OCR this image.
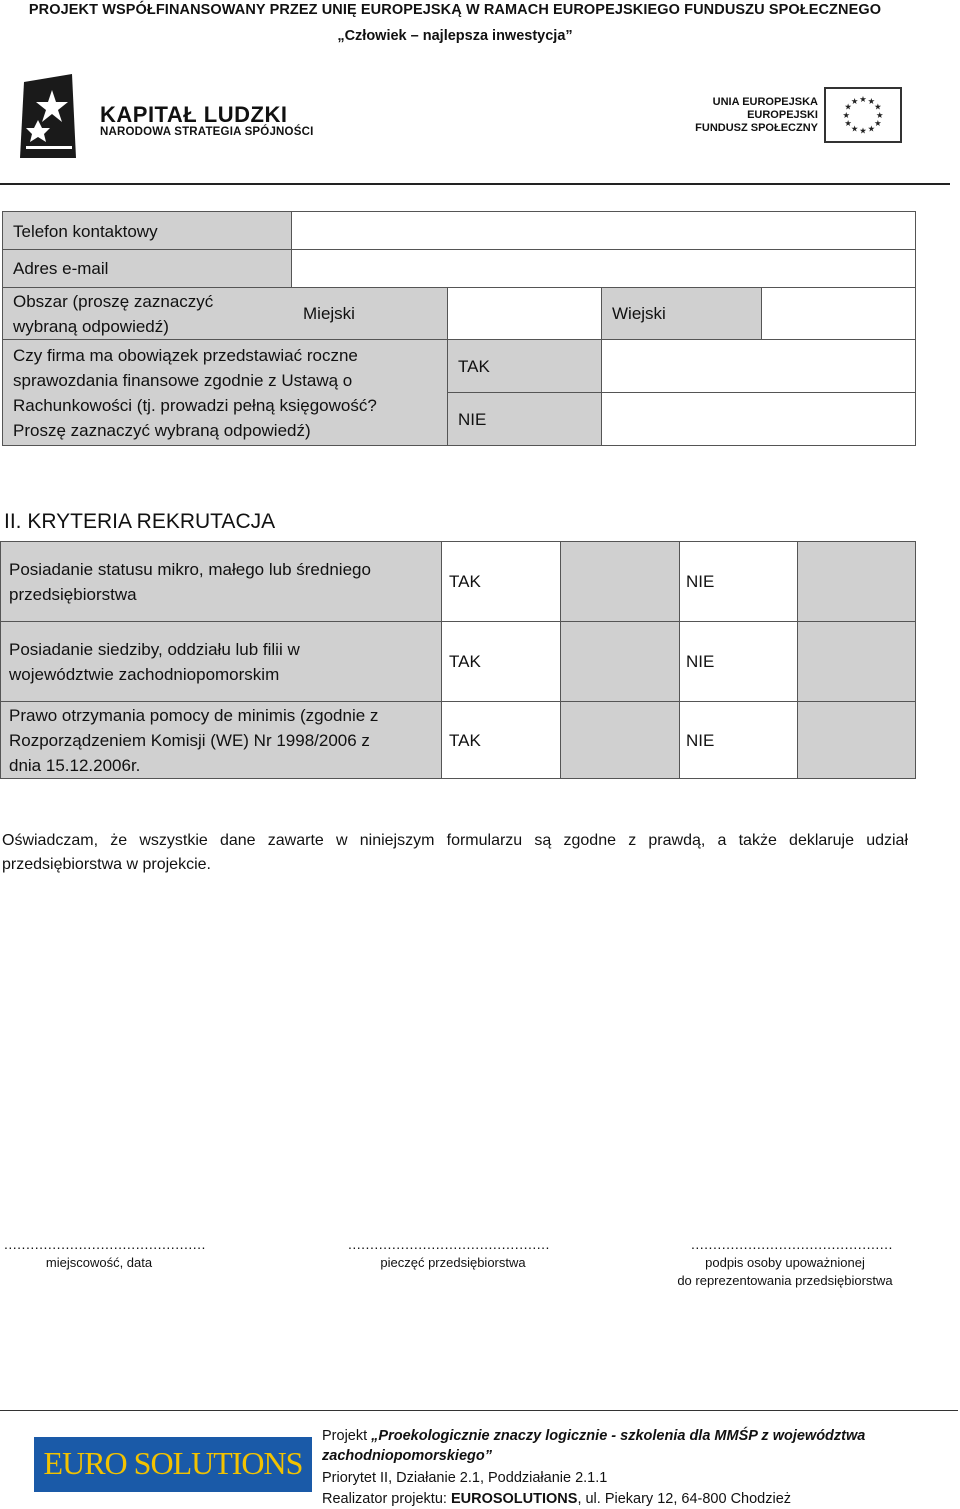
PROJEKT WSPÓŁFINANSOWANY PRZEZ UNIĘ EUROPEJSKĄ W RAMACH EUROPEJSKIEGO FUNDUSZU SPOŁECZNEGO
„Człowiek – najlepsza inwestycja”
KAPITAŁ LUDZKI
NARODOWA STRATEGIA SPÓJNOŚCI
UNIA EUROPEJSKA
EUROPEJSKI
FUNDUSZ SPOŁECZNY
★ ★
★
★
★
★
★
★
★
★
★
★
Telefon kontaktowy
Adres e-mail
Obszar (proszę zaznaczyć
wybraną odpowiedź)
Miejski	Wiejski
Czy firma ma obowiązek przedstawiać roczne
sprawozdania finansowe zgodnie z Ustawą o
Rachunkowości (tj. prowadzi pełną księgowość?
Proszę zaznaczyć wybraną odpowiedź)
TAK
NIE
II. KRYTERIA REKRUTACJA
Posiadanie statusu mikro, małego lub średniego
przedsiębiorstwa
TAK	NIE
Posiadanie siedziby, oddziału lub filii w
województwie zachodniopomorskim
TAK	NIE
Prawo otrzymania pomocy de minimis (zgodnie z
Rozporządzeniem Komisji (WE) Nr 1998/2006 z
dnia 15.12.2006r.
TAK	NIE
Oświadczam, że wszystkie dane zawarte w niniejszym formularzu są zgodne z prawdą, a także deklaruje udział przedsiębiorstwa w projekcie.
..............................................	..............................................	..............................................
miejscowość, data	pieczęć przedsiębiorstwa	podpis osoby upoważnionej
do reprezentowania przedsiębiorstwa
EURO SOLUTIONS
Projekt „Proekologicznie znaczy logicznie - szkolenia dla MMŚP z województwa
zachodniopomorskiego”
Priorytet II, Działanie 2.1, Poddziałanie 2.1.1
Realizator projektu: EUROSOLUTIONS, ul. Piekary 12, 64-800 Chodzież
